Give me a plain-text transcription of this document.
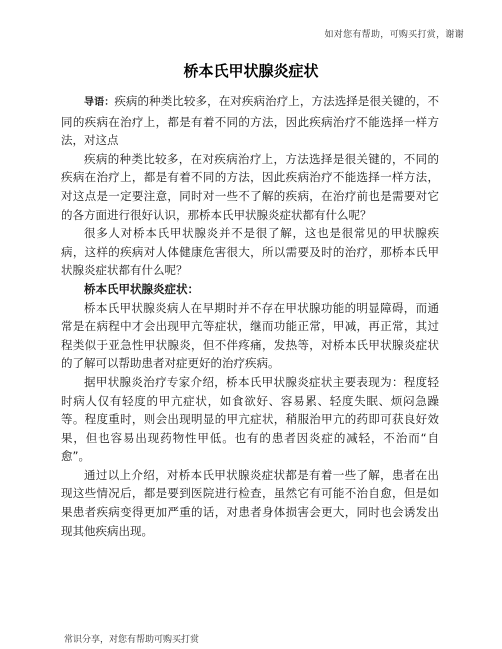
如对您有帮助，可购买打赏，谢谢
桥本氏甲状腺炎症状

导语：疾病的种类比较多，在对疾病治疗上，方法选择是很关键的，不同的疾病在治疗上，都是有着不同的方法，因此疾病治疗不能选择一样方法，对这点

疾病的种类比较多，在对疾病治疗上，方法选择是很关键的，不同的疾病在治疗上，都是有着不同的方法，因此疾病治疗不能选择一样方法，对这点是一定要注意，同时对一些不了解的疾病，在治疗前也是需要对它的各方面进行很好认识，那桥本氏甲状腺炎症状都有什么呢？

很多人对桥本氏甲状腺炎并不是很了解，这也是很常见的甲状腺疾病，这样的疾病对人体健康危害很大，所以需要及时的治疗，那桥本氏甲状腺炎症状都有什么呢？

桥本氏甲状腺炎症状：

桥本氏甲状腺炎病人在早期时并不存在甲状腺功能的明显障碍，而通常是在病程中才会出现甲亢等症状，继而功能正常，甲减，再正常，其过程类似于亚急性甲状腺炎，但不伴疼痛，发热等，对桥本氏甲状腺炎症状的了解可以帮助患者对症更好的治疗疾病。

据甲状腺炎治疗专家介绍，桥本氏甲状腺炎症状主要表现为：程度轻时病人仅有轻度的甲亢症状，如食欲好、容易累、轻度失眠、烦闷急躁等。程度重时，则会出现明显的甲亢症状，稍服治甲亢的药即可获良好效果，但也容易出现药物性甲低。也有的患者因炎症的减轻，不治而“自愈”。

通过以上介绍，对桥本氏甲状腺炎症状都是有着一些了解，患者在出现这些情况后，都是要到医院进行检查，虽然它有可能不治自愈，但是如果患者疾病变得更加严重的话，对患者身体损害会更大，同时也会诱发出现其他疾病出现。

常识分享，对您有帮助可购买打赏
